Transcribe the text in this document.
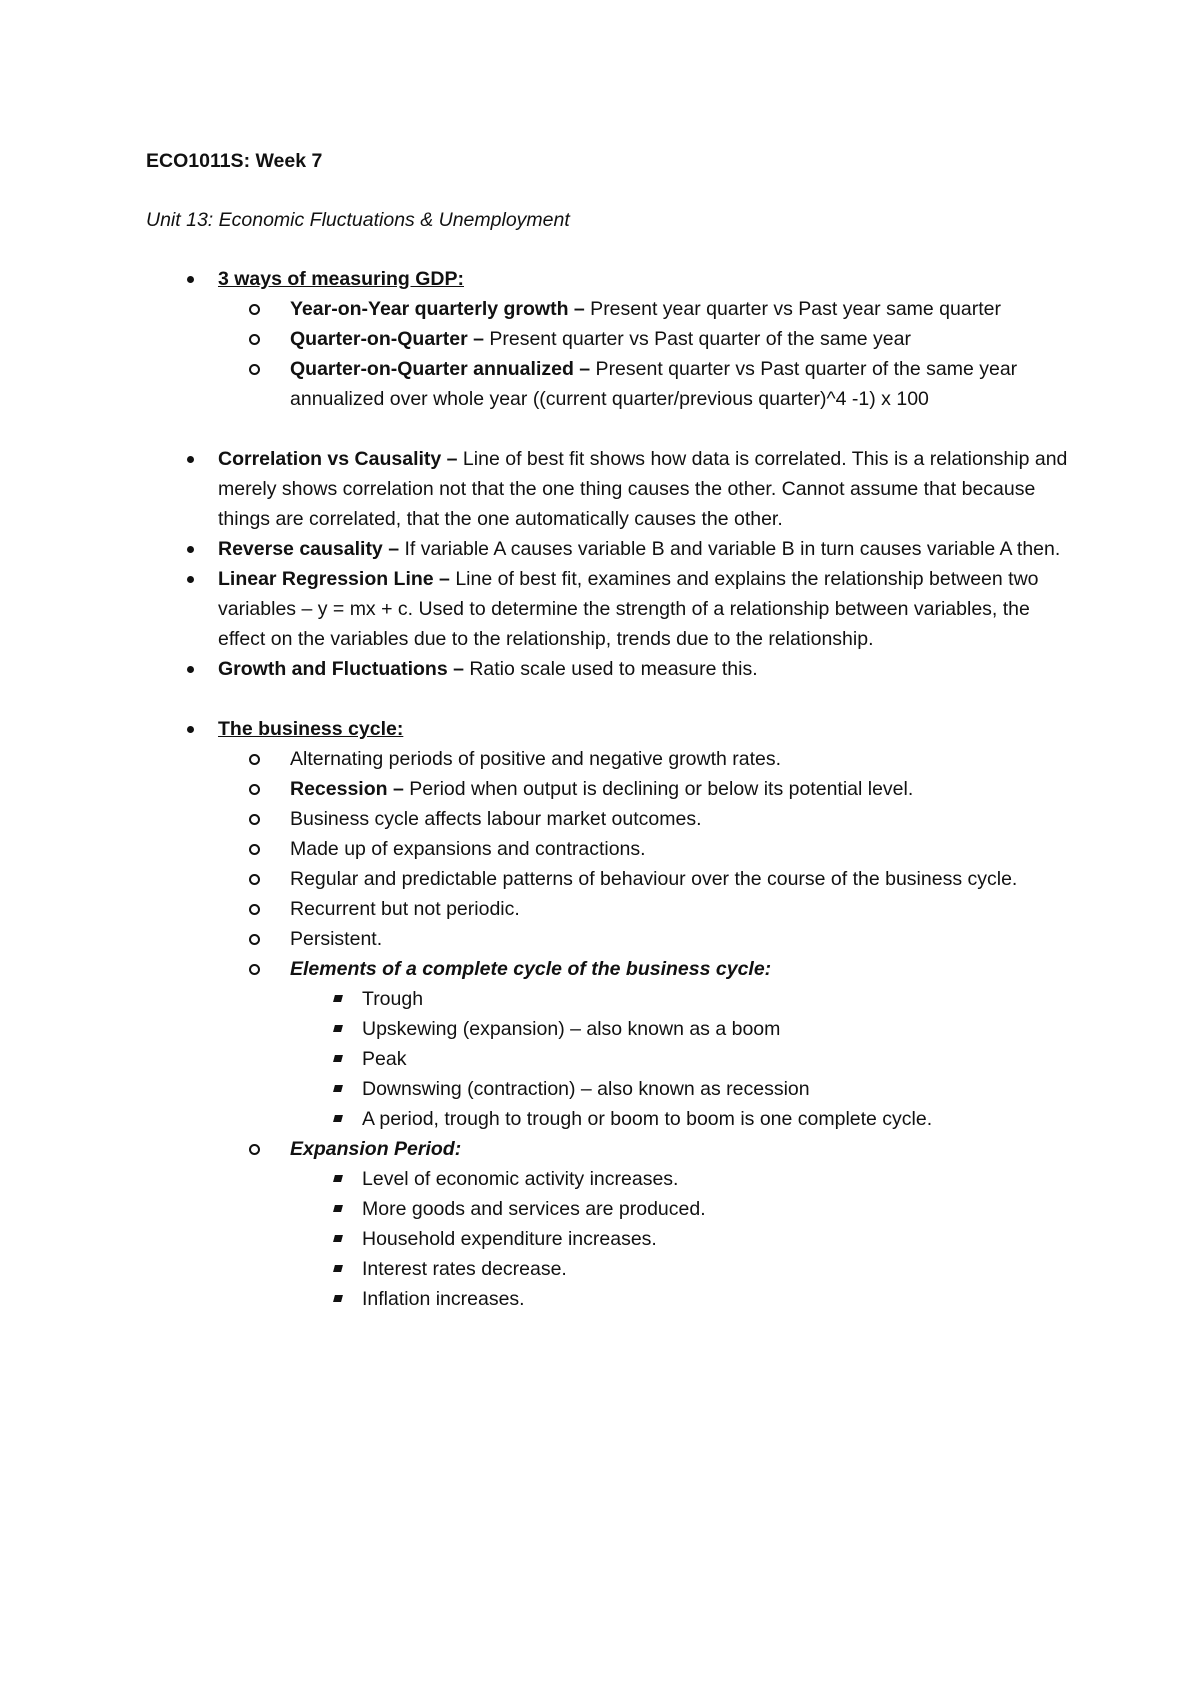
ECO1011S: Week 7

Unit 13: Economic Fluctuations & Unemployment

3 ways of measuring GDP:
Year-on-Year quarterly growth – Present year quarter vs Past year same quarter
Quarter-on-Quarter – Present quarter vs Past quarter of the same year
Quarter-on-Quarter annualized – Present quarter vs Past quarter of the same year annualized over whole year ((current quarter/previous quarter)^4 -1) x 100
Correlation vs Causality – Line of best fit shows how data is correlated. This is a relationship and merely shows correlation not that the one thing causes the other. Cannot assume that because things are correlated, that the one automatically causes the other.
Reverse causality – If variable A causes variable B and variable B in turn causes variable A then.
Linear Regression Line – Line of best fit, examines and explains the relationship between two variables – y = mx + c. Used to determine the strength of a relationship between variables, the effect on the variables due to the relationship, trends due to the relationship.
Growth and Fluctuations – Ratio scale used to measure this.
The business cycle:
Alternating periods of positive and negative growth rates.
Recession – Period when output is declining or below its potential level.
Business cycle affects labour market outcomes.
Made up of expansions and contractions.
Regular and predictable patterns of behaviour over the course of the business cycle.
Recurrent but not periodic.
Persistent.
Elements of a complete cycle of the business cycle:
Trough
Upskewing (expansion) – also known as a boom
Peak
Downswing (contraction) – also known as recession
A period, trough to trough or boom to boom is one complete cycle.
Expansion Period:
Level of economic activity increases.
More goods and services are produced.
Household expenditure increases.
Interest rates decrease.
Inflation increases.
